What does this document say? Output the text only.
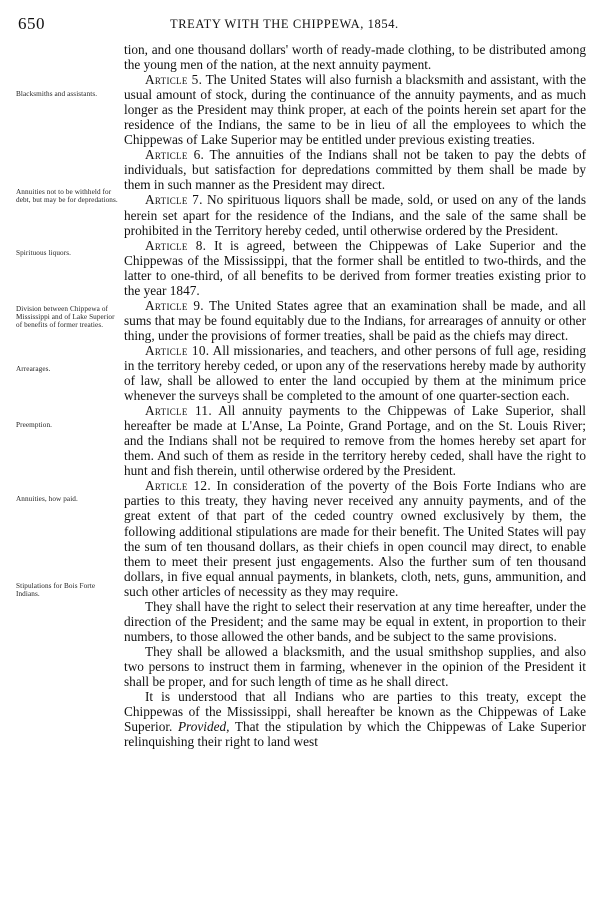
650	TREATY WITH THE CHIPPEWA, 1854.
Blacksmiths and assistants.
Annuities not to be withheld for debt, but may be for depredations.
Spirituous liquors.
Division between Chippewa of Mississippi and of Lake Superior of benefits of former treaties.
Arrearages.
Preemption.
Annuities, how paid.
Stipulations for Bois Forte Indians.

tion, and one thousand dollars' worth of ready-made clothing, to be distributed among the young men of the nation, at the next annuity payment.

Article 5. The United States will also furnish a blacksmith and assistant, with the usual amount of stock, during the continuance of the annuity payments, and as much longer as the President may think proper, at each of the points herein set apart for the residence of the Indians, the same to be in lieu of all the employees to which the Chippewas of Lake Superior may be entitled under previous existing treaties.

Article 6. The annuities of the Indians shall not be taken to pay the debts of individuals, but satisfaction for depredations committed by them shall be made by them in such manner as the President may direct.

Article 7. No spirituous liquors shall be made, sold, or used on any of the lands herein set apart for the residence of the Indians, and the sale of the same shall be prohibited in the Territory hereby ceded, until otherwise ordered by the President.

Article 8. It is agreed, between the Chippewas of Lake Superior and the Chippewas of the Mississippi, that the former shall be entitled to two-thirds, and the latter to one-third, of all benefits to be derived from former treaties existing prior to the year 1847.

Article 9. The United States agree that an examination shall be made, and all sums that may be found equitably due to the Indians, for arrearages of annuity or other thing, under the provisions of former treaties, shall be paid as the chiefs may direct.

Article 10. All missionaries, and teachers, and other persons of full age, residing in the territory hereby ceded, or upon any of the reservations hereby made by authority of law, shall be allowed to enter the land occupied by them at the minimum price whenever the surveys shall be completed to the amount of one quarter-section each.

Article 11. All annuity payments to the Chippewas of Lake Superior, shall hereafter be made at L'Anse, La Pointe, Grand Portage, and on the St. Louis River; and the Indians shall not be required to remove from the homes hereby set apart for them. And such of them as reside in the territory hereby ceded, shall have the right to hunt and fish therein, until otherwise ordered by the President.

Article 12. In consideration of the poverty of the Bois Forte Indians who are parties to this treaty, they having never received any annuity payments, and of the great extent of that part of the ceded country owned exclusively by them, the following additional stipulations are made for their benefit. The United States will pay the sum of ten thousand dollars, as their chiefs in open council may direct, to enable them to meet their present just engagements. Also the further sum of ten thousand dollars, in five equal annual payments, in blankets, cloth, nets, guns, ammunition, and such other articles of necessity as they may require.

They shall have the right to select their reservation at any time hereafter, under the direction of the President; and the same may be equal in extent, in proportion to their numbers, to those allowed the other bands, and be subject to the same provisions.

They shall be allowed a blacksmith, and the usual smithshop supplies, and also two persons to instruct them in farming, whenever in the opinion of the President it shall be proper, and for such length of time as he shall direct.

It is understood that all Indians who are parties to this treaty, except the Chippewas of the Mississippi, shall hereafter be known as the Chippewas of Lake Superior. Provided, That the stipulation by which the Chippewas of Lake Superior relinquishing their right to land west
